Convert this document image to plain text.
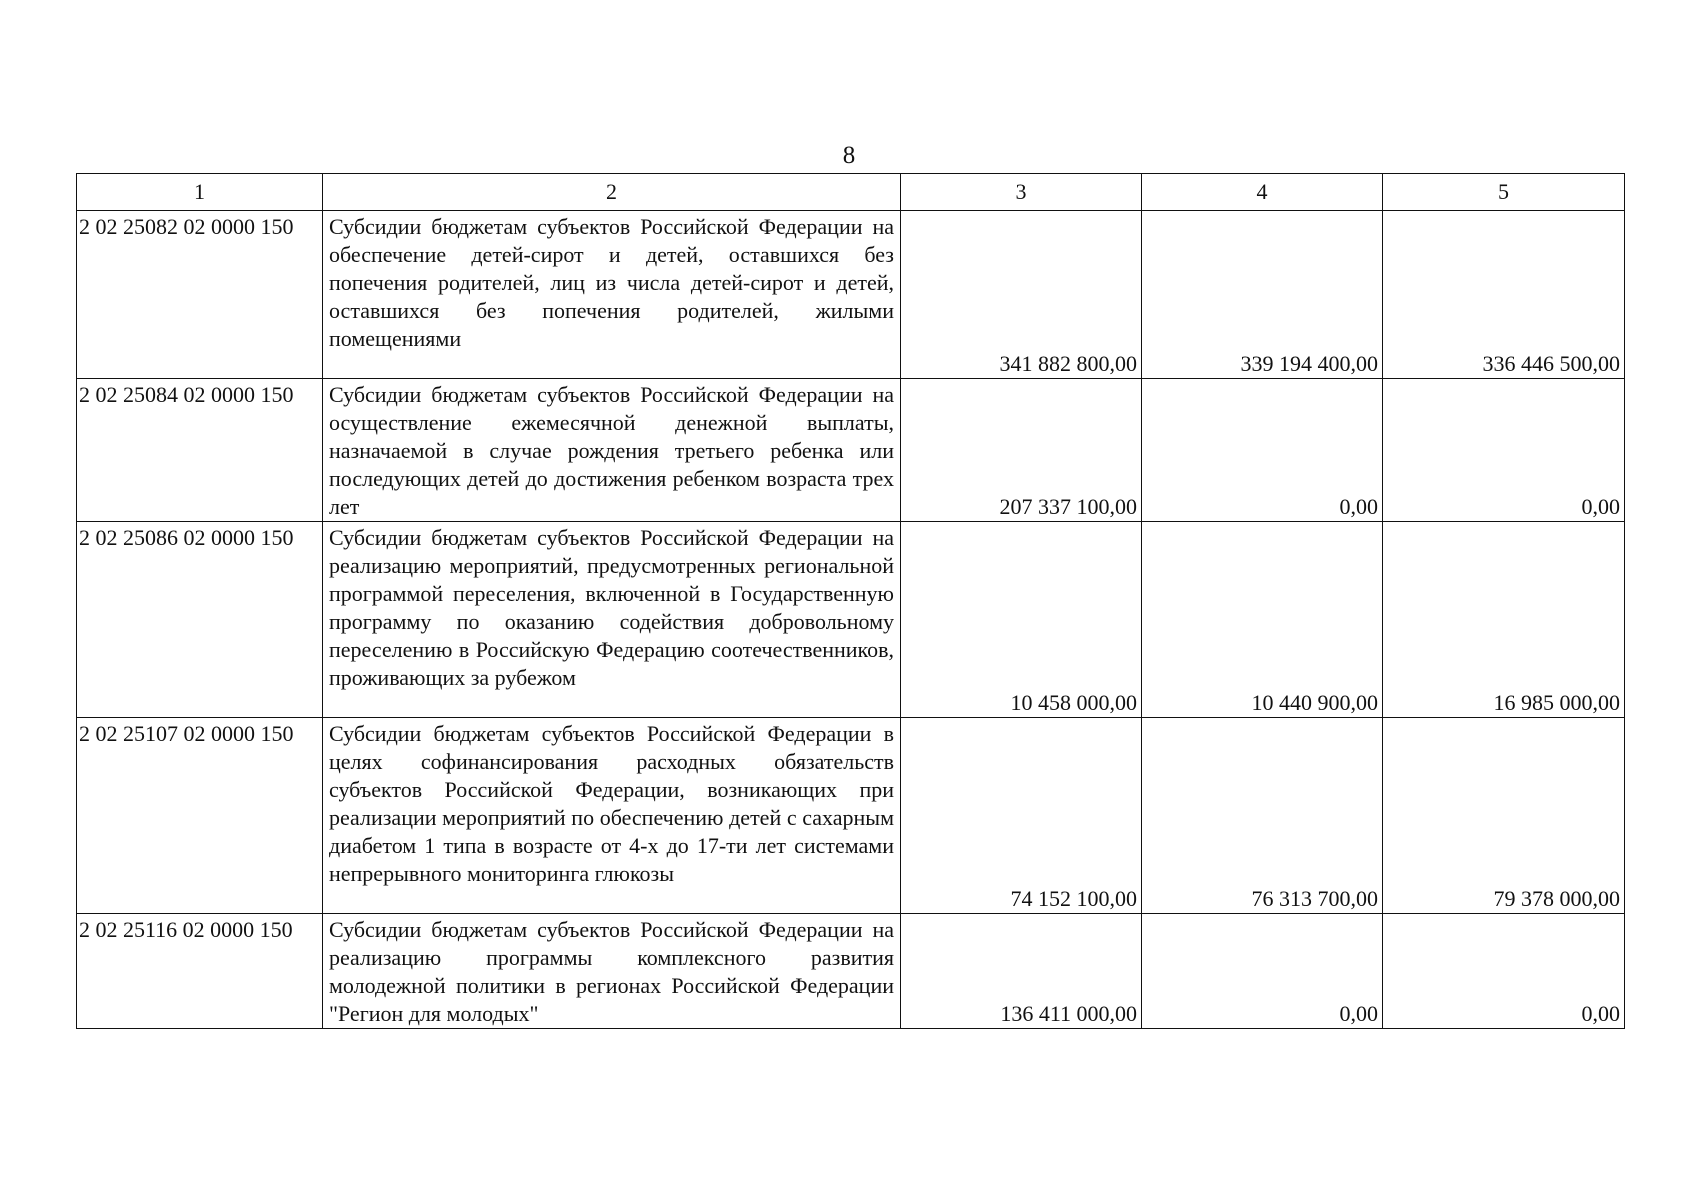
8
1	2	3	4	5
2 02 25082 02 0000 150	Субсидии бюджетам субъектов Российской Федерации на обеспечение детей-сирот и детей, оставшихся без попечения родителей, лиц из числа детей-сирот и детей, оставшихся без попечения родителей, жилыми помещениями	341 882 800,00	339 194 400,00	336 446 500,00
2 02 25084 02 0000 150	Субсидии бюджетам субъектов Российской Федерации на осуществление ежемесячной денежной выплаты, назначаемой в случае рождения третьего ребенка или последующих детей до достижения ребенком возраста трех лет	207 337 100,00	0,00	0,00
2 02 25086 02 0000 150	Субсидии бюджетам субъектов Российской Федерации на реализацию мероприятий, предусмотренных региональной программой переселения, включенной в Государственную программу по оказанию содействия добровольному переселению в Российскую Федерацию соотечественников, проживающих за рубежом	10 458 000,00	10 440 900,00	16 985 000,00
2 02 25107 02 0000 150	Субсидии бюджетам субъектов Российской Федерации в целях софинансирования расходных обязательств субъектов Российской Федерации, возникающих при реализации мероприятий по обеспечению детей с сахарным диабетом 1 типа в возрасте от 4-х до 17-ти лет системами непрерывного мониторинга глюкозы	74 152 100,00	76 313 700,00	79 378 000,00
2 02 25116 02 0000 150	Субсидии бюджетам субъектов Российской Федерации на реализацию программы комплексного развития молодежной политики в регионах Российской Федерации "Регион для молодых"	136 411 000,00	0,00	0,00
